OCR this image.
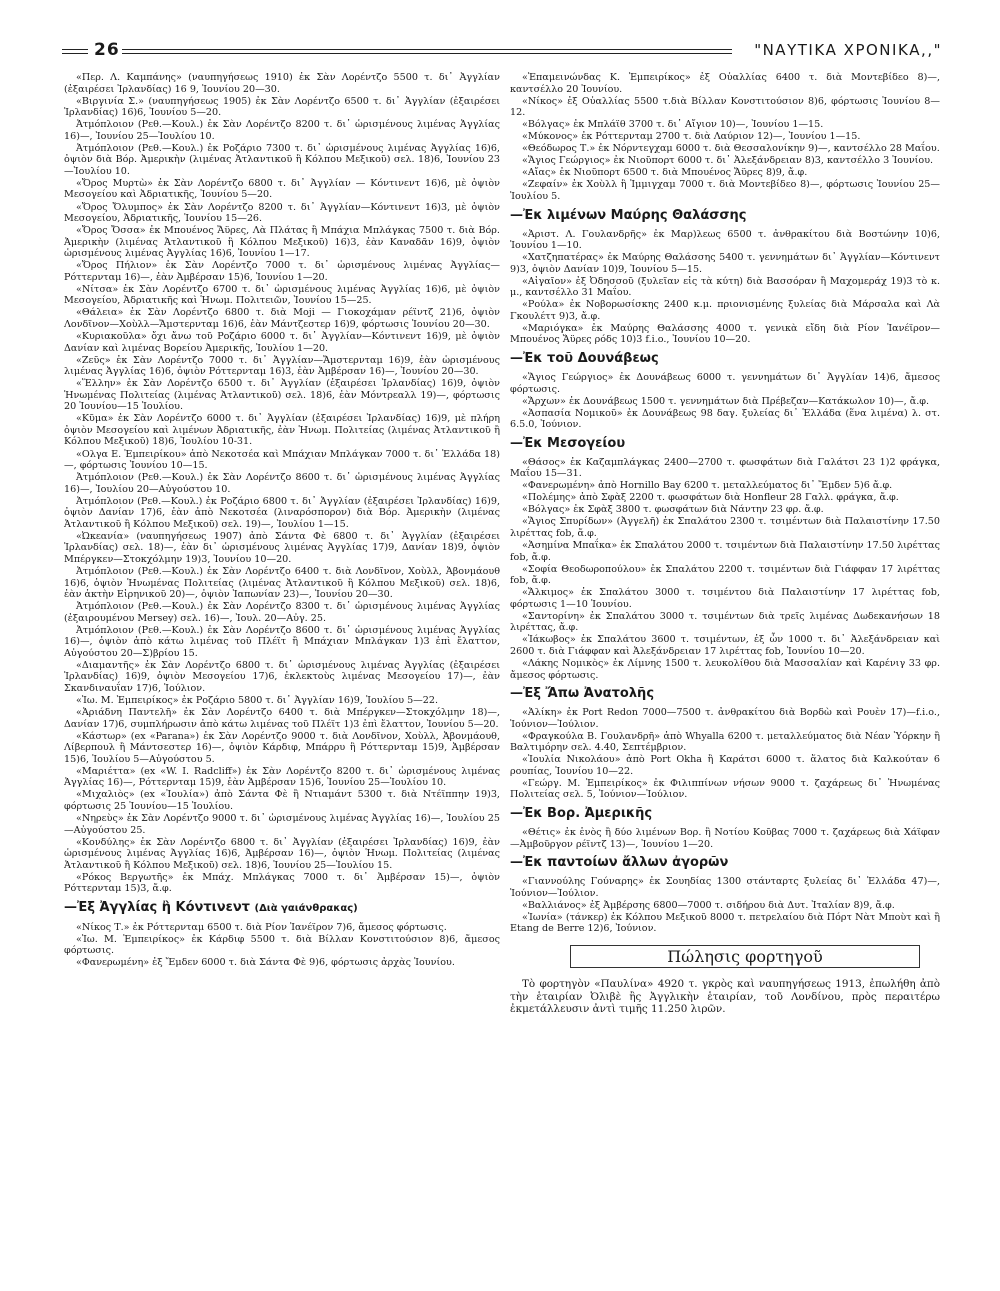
26	"ΝΑΥΤΙΚΑ ΧΡΟΝΙΚΑ,,"

«Περ. Λ. Καμπάνης» (ναυπηγήσεως 1910) ἐκ Σὰν Λορέντζο 5500 τ. δι᾽ Ἀγγλίαν (ἐξαιρέσει Ἰρλανδίας) 16 9, Ἰουνίου 20—30.

«Βιργινία Σ.» (ναυπηγήσεως 1905) ἐκ Σὰν Λορέντζο 6500 τ. δι᾽ Ἀγγλίαν (ἐξαιρέσει Ἰρλανδίας) 16)6, Ἰουνίου 5—20.

Ἀτμόπλοιον (Ρεθ.—Κουλ.) ἐκ Σὰν Λορέντζο 8200 τ. δι᾽ ὡρισμένους λιμένας Ἀγγλίας 16)—, Ἰουνίου 25—Ἰουλίου 10.

Ἀτμόπλοιον (Ρεθ.—Κουλ.) ἐκ Ροζάριο 7300 τ. δι᾽ ὡρισμένους λιμένας Ἀγγλίας 16)6, ὀψιὸν διὰ Βόρ. Ἀμερικὴν (λιμένας Ἀτλαντικοῦ ἢ Κόλπου Μεξικοῦ) σελ. 18)6, Ἰουνίου 23—Ἰουλίου 10.

«Ὄρος Μυρτὼ» ἐκ Σὰν Λορέντζο 6800 τ. δι᾽ Ἀγγλίαν — Κόντινεντ 16)6, μὲ ὀψιὸν Μεσογείου καὶ Ἀδριατικῆς, Ἰουνίου 5—20.

«Ὄρος Ὄλυμπος» ἐκ Σὰν Λορέντζο 8200 τ. δι᾽ Ἀγγλίαν—Κόντινεντ 16)3, μὲ ὀψιὸν Μεσογείου, Ἀδριατικῆς, Ἰουνίου 15—26.

«Ὄρος Ὄσσα» ἐκ Μπουένος Ἄϋρες, Λὰ Πλάτας ἢ Μπάχια Μπλάγκας 7500 τ. διὰ Βόρ. Ἀμερικὴν (λιμένας Ἀτλαντικοῦ ἢ Κόλπου Μεξικοῦ) 16)3, ἐὰν Καναδᾶν 16)9, ὀψιὸν ὡρισμένους λιμένας Ἀγγλίας 16)6, Ἰουνίου 1—17.

«Ὄρος Πήλιον» ἐκ Σὰν Λορέντζο 7000 τ. δι᾽ ὡρισμένους λιμένας Ἀγγλίας—Ρόττερνταμ 16)—, ἐὰν Ἀμβέρσαν 15)6, Ἰουνίου 1—20.

«Νίτσα» ἐκ Σὰν Λορέντζο 6700 τ. δι᾽ ὡρισμένους λιμένας Ἀγγλίας 16)6, μὲ ὀψιὸν Μεσογείου, Ἀδριατικῆς καὶ Ἡνωμ. Πολιτειῶν, Ἰουνίου 15—25.

«Θάλεια» ἐκ Σὰν Λορέντζο 6800 τ. διὰ Moji — Γιοκοχάμαν ρέϊντζ 21)6, ὀψιὸν Λονδῖνον—Χοὺλλ—Ἄμστερνταμ 16)6, ἐὰν Μάντζεστερ 16)9, φόρτωσις Ἰουνίου 20—30.

«Κυριακοῦλα» ὄχι ἄνω τοῦ Ροζάριο 6000 τ. δι᾽ Ἀγγλίαν—Κόντινεντ 16)9, μὲ ὀψιὸν Δανίαν καὶ λιμένας Βορείου Ἀμερικῆς, Ἰουλίου 1—20.

«Ζεῦς» ἐκ Σὰν Λορέντζο 7000 τ. δι᾽ Ἀγγλίαν—Ἄμστερνταμ 16)9, ἐὰν ὡρισμένους λιμένας Ἀγγλίας 16)6, ὀψιὸν Ρόττερνταμ 16)3, ἐὰν Ἀμβέρσαν 16)—, Ἰουνίου 20—30.

«Ἕλλην» ἐκ Σὰν Λορέντζο 6500 τ. δι᾽ Ἀγγλίαν (ἐξαιρέσει Ἰρλανδίας) 16)9, ὀψιὸν Ἡνωμένας Πολιτείας (λιμένας Ἀτλαντικοῦ) σελ. 18)6, ἐὰν Μόντρεαλλ 19)—, φόρτωσις 20 Ἰουνίου—15 Ἰουλίου.

«Κῦμα» ἐκ Σὰν Λορέντζο 6000 τ. δι᾽ Ἀγγλίαν (ἐξαιρέσει Ἰρλανδίας) 16)9, μὲ πλήρη ὀψιὸν Μεσογείου καὶ λιμένων Ἀδριατικῆς, ἐὰν Ἡνωμ. Πολιτείας (λιμένας Ἀτλαντικοῦ ἢ Κόλπου Μεξικοῦ) 18)6, Ἰουλίου 10-31.

«Ολγα Ε. Ἐμπειρίκου» ἀπὸ Νεκοτσέα καὶ Μπάχιαν Μπλάγκαν 7000 τ. δι᾽ Ἑλλάδα 18)—, φόρτωσις Ἰουνίου 10—15.

Ἀτμόπλοιον (Ρεθ.—Κουλ.) ἐκ Σὰν Λορέντζο 8600 τ. δι᾽ ὡρισμένους λιμένας Ἀγγλίας 16)—, Ἰουλίου 20—Αὐγούστου 10.

Ἀτμόπλοιον (Ρεθ.—Κουλ.) ἐκ Ροζάριο 6800 τ. δι᾽ Ἀγγλίαν (ἐξαιρέσει Ἰρλανδίας) 16)9, ὀψιὸν Δανίαν 17)6, ἐὰν ἀπὸ Νεκοτσέα (λιναρόσπορον) διὰ Βόρ. Ἀμερικὴν (λιμένας Ἀτλαντικοῦ ἢ Κόλπου Μεξικοῦ) σελ. 19)—, Ἰουλίου 1—15.

«Ὠκεανία» (ναυπηγήσεως 1907) ἀπὸ Σάντα Φὲ 6800 τ. δι᾽ Ἀγγλίαν (ἐξαιρέσει Ἰρλανδίας) σελ. 18)—, ἐὰν δι᾽ ὡρισμένους λιμένας Ἀγγλίας 17)9, Δανίαν 18)9, ὀψιὸν Μπέργκεν—Στοκχόλμην 19)3, Ἰουνίου 10—20.

Ἀτμόπλοιον (Ρεθ.—Κουλ.) ἐκ Σὰν Λορέντζο 6400 τ. διὰ Λονδῖνον, Χοὺλλ, Ἀβονμάουθ 16)6, ὀψιὸν Ἡνωμένας Πολιτείας (λιμένας Ἀτλαντικοῦ ἢ Κόλπου Μεξικοῦ) σελ. 18)6, ἐὰν ἀκτὴν Εἰρηνικοῦ 20)—, ὀψιὸν Ἰαπωνίαν 23)—, Ἰουνίου 20—30.

Ἀτμόπλοιον (Ρεθ.—Κουλ.) ἐκ Σὰν Λορέντζο 8300 τ. δι᾽ ὡρισμένους λιμένας Ἀγγλίας (ἐξαιρουμένου Mersey) σελ. 16)—, Ἰουλ. 20—Αὐγ. 25.

Ἀτμόπλοιον (Ρεθ.—Κουλ.) ἐκ Σὰν Λορέντζο 8600 τ. δι᾽ ὡρισμένους λιμένας Ἀγγλίας 16)—, ὀψιὸν ἀπὸ κάτω λιμένας τοῦ Πλέϊτ ἢ Μπάχιαν Μπλάγκαν 1)3 ἐπὶ ἔλαττον, Αὐγούστου 20—Σ)βρίου 15.

«Διαμαντῆς» ἐκ Σὰν Λορέντζο 6800 τ. δι᾽ ὡρισμένους λιμένας Ἀγγλίας (ἐξαιρέσει Ἰρλανδίας) 16)9, ὀψιὸν Μεσογείου 17)6, ἐκλεκτοὺς λιμένας Μεσογείου 17)—, ἐὰν Σκανδιναυΐαν 17)6, Ἰούλιον.

«Ἰω. Μ. Ἐμπειρίκος» ἐκ Ροζάριο 5800 τ. δι᾽ Ἀγγλίαν 16)9, Ἰουλίου 5—22.

«Ἀριάδνη Παντελῆ» ἐκ Σὰν Λορέντζο 6400 τ. διὰ Μπέργκεν—Στοκχόλμην 18)—, Δανίαν 17)6, συμπλήρωσιν ἀπὸ κάτω λιμένας τοῦ Πλέϊτ 1)3 ἐπὶ ἔλαττον, Ἰουνίου 5—20.

«Κάστωρ» (ex «Parana») ἐκ Σὰν Λορέντζο 9000 τ. διὰ Λονδῖνον, Χοὺλλ, Ἀβονμάουθ, Λίβερπουλ ἢ Μάντσεστερ 16)—, ὀψιὸν Κάρδιφ, Μπάρρυ ἢ Ρόττερνταμ 15)9, Ἀμβέρσαν 15)6, Ἰουλίου 5—Αὐγούστου 5.

«Μαριέττα» (ex «W. I. Radcliff») ἐκ Σὰν Λορέντζο 8200 τ. δι᾽ ὡρισμένους λιμένας Ἀγγλίας 16)—, Ρόττερνταμ 15)9, ἐὰν Ἀμβέρσαν 15)6, Ἰουνίου 25—Ἰουλίου 10.

«Μιχαλιὸς» (ex «Ἰουλία») ἀπὸ Σάντα Φὲ ἢ Ντιαμάντ 5300 τ. διὰ Ντέϊππην 19)3, φόρτωσις 25 Ἰουνίου—15 Ἰουλίου.

«Νηρεὺς» ἐκ Σὰν Λορέντζο 9000 τ. δι᾽ ὡρισμένους λιμένας Ἀγγλίας 16)—, Ἰουλίου 25—Αὐγούστου 25.

«Κονδύλης» ἐκ Σὰν Λορέντζο 6800 τ. δι᾽ Ἀγγλίαν (ἐξαιρέσει Ἰρλανδίας) 16)9, ἐὰν ὡρισμένους λιμένας Ἀγγλίας 16)6, Ἀμβέρσαν 16)—, ὀψιὸν Ἡνωμ. Πολιτείας (λιμένας Ἀτλαντικοῦ ἢ Κόλπου Μεξικοῦ) σελ. 18)6, Ἰουνίου 25—Ἰουλίου 15.

«Ρόκος Βεργωτῆς» ἐκ Μπάχ. Μπλάγκας 7000 τ. δι᾽ Ἀμβέρσαν 15)—, ὀψιὸν Ρόττερνταμ 15)3, ἄ.φ.

—Ἐξ Ἀγγλίας ἢ Κόντινεντ (Διὰ γαιάνθρακας)

«Νίκος Τ.» ἐκ Ρόττερνταμ 6500 τ. διὰ Ρίον Ἰανέϊρον 7)6, ἄμεσος φόρτωσις.

«Ἰω. Μ. Ἐμπειρίκος» ἐκ Κάρδιφ 5500 τ. διὰ Βίλλαν Κονστιτούσιον 8)6, ἄμεσος φόρτωσις.

«Φανερωμένη» ἐξ Ἔμδεν 6000 τ. διὰ Σάντα Φὲ 9)6, φόρτωσις ἀρχὰς Ἰουνίου.

«Ἐπαμεινώνδας Κ. Ἐμπειρίκος» ἐξ Οὐαλλίας 6400 τ. διὰ Μοντεβίδεο 8)—, καντσέλλο 20 Ἰουνίου.

«Νίκος» ἐξ Οὐαλλίας 5500 τ.διὰ Βίλλαν Κονστιτούσιον 8)6, φόρτωσις Ἰουνίου 8—12.

«Βόλγας» ἐκ Μπλάϊθ 3700 τ. δι᾽ Αἴγιον 10)—, Ἰουνίου 1—15.

«Μύκονος» ἐκ Ρόττερνταμ 2700 τ. διὰ Λαύριον 12)—, Ἰουνίου 1—15.

«Θεόδωρος Τ.» ἐκ Νόρντεγχαμ 6000 τ. διὰ Θεσσαλονίκην 9)—, καντσέλλο 28 Μαΐου.

«Ἅγιος Γεώργιος» ἐκ Νιοῦπορτ 6000 τ. δι᾽ Ἀλεξάνδρειαν 8)3, καντσέλλο 3 Ἰουνίου.

«Αἴας» ἐκ Νιοῦπορτ 6500 τ. διὰ Μπουένος Ἄϋρες 8)9, ἄ.φ.

«Ζεφαίν» ἐκ Χοὺλλ ἢ Ἰμμιγχαμ 7000 τ. διὰ Μοντεβίδεο 8)—, φόρτωσις Ἰουνίου 25—Ἰουλίου 5.

—Ἐκ λιμένων Μαύρης Θαλάσσης

«Ἀριστ. Λ. Γουλανδρῆς» ἐκ Μαρ)λεως 6500 τ. ἀνθρακίτου διὰ Βοστώνην 10)6, Ἰουνίου 1—10.

«Χατζηπατέρας» ἐκ Μαύρης Θαλάσσης 5400 τ. γεννημάτων δι᾽ Ἀγγλίαν—Κόντινεντ 9)3, ὀψιὸν Δανίαν 10)9, Ἰουνίου 5—15.

«Αἰγαῖον» ἐξ Ὀδησσοῦ (ξυλεῖαν εἰς τὰ κύτη) διὰ Βασσόραν ἢ Μαχομεράχ 19)3 τὸ κ. μ., καντσέλλο 31 Μαΐου.

«Ρούλα» ἐκ Νοβορωσίσκης 2400 κ.μ. πριονισμένης ξυλείας διὰ Μάρσαλα καὶ Λὰ Γκουλέττ 9)3, ἄ.φ.

«Μαριόγκα» ἐκ Μαύρης Θαλάσσης 4000 τ. γενικὰ εἴδη διὰ Ρίον Ἰανέϊρον—Μπουένος Ἄϋρες ρόδς 10)3 f.i.o., Ἰουνίου 10—20.

—Ἐκ τοῦ Δουνάβεως

«Ἅγιος Γεώργιος» ἐκ Δουνάβεως 6000 τ. γεννημάτων δι᾽ Ἀγγλίαν 14)6, ἄμεσος φόρτωσις.

«Ἄρχων» ἐκ Δουνάβεως 1500 τ. γεννημάτων διὰ Πρέβεζαν—Κατάκωλον 10)—, ἄ.φ.

«Ἀσπασία Νομικοῦ» ἐκ Δουνάβεως 98 δαγ. ξυλείας δι᾽ Ἑλλάδα (ἕνα λιμένα) λ. στ. 6.5.0, Ἰούνιον.

—Ἐκ Μεσογείου

«Θάσος» ἐκ Καζαμπλάγκας 2400—2700 τ. φωσφάτων διὰ Γαλάτσι 23 1)2 φράγκα, Μαΐου 15—31.

«Φανερωμένη» ἀπὸ Hornillo Bay 6200 τ. μεταλλεύματος δι᾽ Ἔμδεν 5)6 ἄ.φ.

«Πολέμης» ἀπὸ Σφὰξ 2200 τ. φωσφάτων διὰ Honfleur 28 Γαλλ. φράγκα, ἄ.φ.

«Βόλγας» ἐκ Σφὰξ 3800 τ. φωσφάτων διὰ Νάντην 23 φρ. ἄ.φ.

«Ἅγιος Σπυρίδων» (Ἀγγελῆ) ἐκ Σπαλάτου 2300 τ. τσιμέντων διὰ Παλαιστίνην 17.50 λιρέττας fob, ἄ.φ.

«Ἀσημίνα Μπαΐκα» ἐκ Σπαλάτου 2000 τ. τσιμέντων διὰ Παλαιστίνην 17.50 λιρέττας fob, ἄ.φ.

«Σοφία Θεοδωροπούλου» ἐκ Σπαλάτου 2200 τ. τσιμέντων διὰ Γιάφφαν 17 λιρέττας fob, ἄ.φ.

«Ἄλκιμος» ἐκ Σπαλάτου 3000 τ. τσιμέντου διὰ Παλαιστίνην 17 λιρέττας fob, φόρτωσις 1—10 Ἰουνίου.

«Σαντορίνη» ἐκ Σπαλάτου 3000 τ. τσιμέντων διὰ τρεῖς λιμένας Δωδεκανήσων 18 λιρέττας, ἄ.φ.

«Ἰάκωβος» ἐκ Σπαλάτου 3600 τ. τσιμέντων, ἐξ ὧν 1000 τ. δι᾽ Ἀλεξάνδρειαν καὶ 2600 τ. διὰ Γιάφφαν καὶ Ἀλεξάνδρειαν 17 λιρέττας fob, Ἰουνίου 10—20.

«Λάκης Νομικὸς» ἐκ Λίμνης 1500 τ. λευκολίθου διὰ Μασσαλίαν καὶ Καρένιγ 33 φρ. ἄμεσος φόρτωσις.

—Ἐξ Ἄπω Ἀνατολῆς

«Ἀλίκη» ἐκ Port Redon 7000—7500 τ. ἀνθρακίτου διὰ Βορδὼ καὶ Ρουὲν 17)—f.i.o., Ἰούνιον—Ἰούλιον.

«Φραγκούλα Β. Γουλανδρῆ» ἀπὸ Whyalla 6200 τ. μεταλλεύματος διὰ Νέαν Ὑόρκην ἢ Βαλτιμόρην σελ. 4.40, Σεπτέμβριον.

«Ἰουλία Νικολάου» ἀπὸ Port Okha ἢ Καράτσι 6000 τ. ἅλατος διὰ Καλκούταν 6 ρουπίας, Ἰουνίου 10—22.

«Γεώργ. Μ. Ἐμπειρίκος» ἐκ Φιλιππίνων νήσων 9000 τ. ζαχάρεως δι᾽ Ἡνωμένας Πολιτείας σελ. 5, Ἰούνιον—Ἰούλιον.

—Ἐκ Βορ. Ἀμερικῆς

«Θέτις» ἐκ ἑνὸς ἢ δύο λιμένων Βορ. ἢ Νοτίου Κοῦβας 7000 τ. ζαχάρεως διὰ Χάϊφαν—Ἀμβοῦργον ρέϊντζ 13)—, Ἰουνίου 1—20.

—Ἐκ παντοίων ἄλλων ἀγορῶν

«Γιαννούλης Γούναρης» ἐκ Σουηδίας 1300 στάνταρτς ξυλείας δι᾽ Ἑλλάδα 47)—, Ἰούνιον—Ἰούλιον.

«Βαλλιάνος» ἐξ Ἀμβέρσης 6800—7000 τ. σιδήρου διὰ Δυτ. Ἰταλίαν 8)9, ἄ.φ.

«Ἰωνία» (τάνκερ) ἐκ Κόλπου Μεξικοῦ 8000 τ. πετρελαίου διὰ Πόρτ Νὰτ Μποὺτ καὶ ἢ Etang de Berre 12)6, Ἰούνιον.

Πώλησις φορτηγοῦ

Τὸ φορτηγὸν «Παυλίνα» 4920 τ. γκρὸς καὶ ναυπηγήσεως 1913, ἐπωλήθη ἀπὸ τὴν ἑταιρίαν Ὀλιβὲ ἢς Ἀγγλικὴν ἑταιρίαν, τοῦ Λονδίνου, πρὸς περαιτέρω ἐκμετάλλευσιν ἀντὶ τιμῆς 11.250 λιρῶν.
